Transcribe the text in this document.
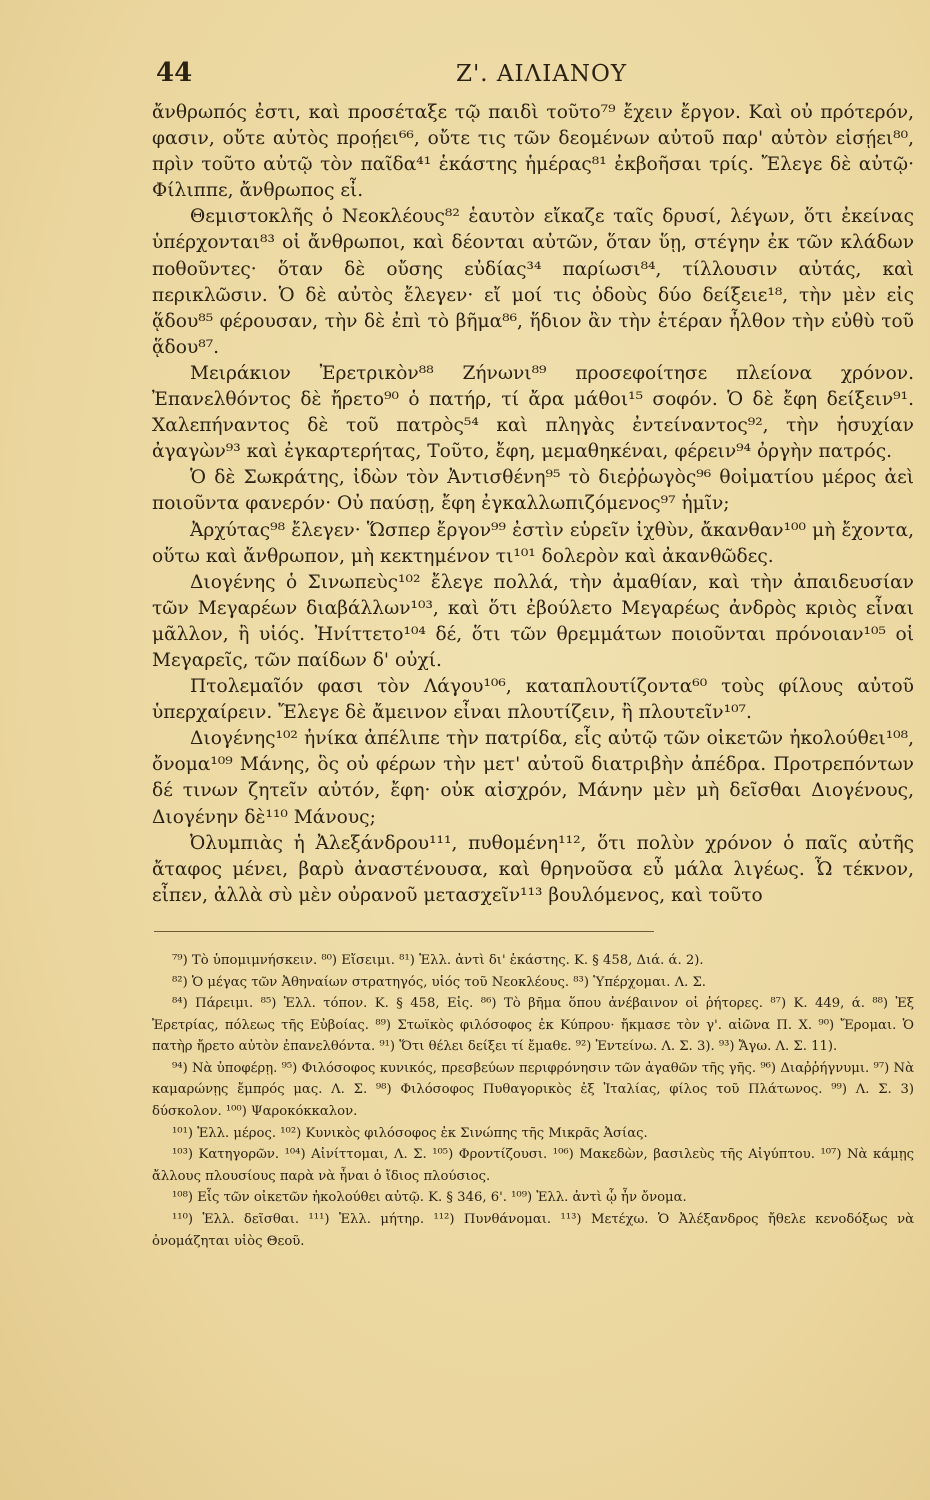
44	Ζ'. ΑΙΛΙΑΝΟΥ

ἄνθρωπός ἐστι, καὶ προσέταξε τῷ παιδὶ τοῦτο⁷⁹ ἔχειν ἔργον. Καὶ οὐ πρότερόν, φασιν, οὔτε αὐτὸς προῄει⁶⁶, οὔτε τις τῶν δεομένων αὐτοῦ παρ' αὐτὸν εἰσῄει⁸⁰, πρὶν τοῦτο αὐτῷ τὸν παῖδα⁴¹ ἑκάστης ἡμέρας⁸¹ ἐκβοῆσαι τρίς. Ἔλεγε δὲ αὐτῷ· Φίλιππε, ἄνθρωπος εἶ.

Θεμιστοκλῆς ὁ Νεοκλέους⁸² ἑαυτὸν εἴκαζε ταῖς δρυσί, λέγων, ὅτι ἐκείνας ὑπέρχονται⁸³ οἱ ἄνθρωποι, καὶ δέονται αὐτῶν, ὅταν ὕῃ, στέγην ἐκ τῶν κλάδων ποθοῦντες· ὅταν δὲ οὔσης εὐδίας³⁴ παρίωσι⁸⁴, τίλλουσιν αὐτάς, καὶ περικλῶσιν. Ὁ δὲ αὐτὸς ἔλεγεν· εἴ μοί τις ὁδοὺς δύο δείξειε¹⁸, τὴν μὲν εἰς ᾅδου⁸⁵ φέρουσαν, τὴν δὲ ἐπὶ τὸ βῆμα⁸⁶, ἥδιον ἂν τὴν ἑτέραν ἦλθον τὴν εὐθὺ τοῦ ᾅδου⁸⁷.

Μειράκιον Ἐρετρικὸν⁸⁸ Ζήνωνι⁸⁹ προσεφοίτησε πλείονα χρόνον. Ἐπανελθόντος δὲ ἤρετο⁹⁰ ὁ πατήρ, τί ἄρα μάθοι¹⁵ σοφόν. Ὁ δὲ ἔφη δείξειν⁹¹. Χαλεπήναντος δὲ τοῦ πατρὸς⁵⁴ καὶ πληγὰς ἐντείναντος⁹², τὴν ἡσυχίαν ἀγαγὼν⁹³ καὶ ἐγκαρτερήτας, Τοῦτο, ἔφη, μεμαθηκέναι, φέρειν⁹⁴ ὀργὴν πατρός.

Ὁ δὲ Σωκράτης, ἰδὼν τὸν Ἀντισθένη⁹⁵ τὸ διεῤῥωγὸς⁹⁶ θοἰματίου μέρος ἀεὶ ποιοῦντα φανερόν· Οὐ παύσῃ, ἔφη ἐγκαλλωπιζόμενος⁹⁷ ἡμῖν;

Ἀρχύτας⁹⁸ ἔλεγεν· Ὥσπερ ἔργον⁹⁹ ἐστὶν εὑρεῖν ἰχθὺν, ἄκανθαν¹⁰⁰ μὴ ἔχοντα, οὕτω καὶ ἄνθρωπον, μὴ κεκτημένον τι¹⁰¹ δολερὸν καὶ ἀκανθῶδες.

Διογένης ὁ Σινωπεὺς¹⁰² ἔλεγε πολλά, τὴν ἀμαθίαν, καὶ τὴν ἀπαιδευσίαν τῶν Μεγαρέων διαβάλλων¹⁰³, καὶ ὅτι ἐβούλετο Μεγαρέως ἀνδρὸς κριὸς εἶναι μᾶλλον, ἢ υἱός. Ἠνίττετο¹⁰⁴ δέ, ὅτι τῶν θρεμμάτων ποιοῦνται πρόνοιαν¹⁰⁵ οἱ Μεγαρεῖς, τῶν παίδων δ' οὐχί.

Πτολεμαῖόν φασι τὸν Λάγου¹⁰⁶, καταπλουτίζοντα⁶⁰ τοὺς φίλους αὐτοῦ ὑπερχαίρειν. Ἔλεγε δὲ ἄμεινον εἶναι πλουτίζειν, ἢ πλουτεῖν¹⁰⁷.

Διογένης¹⁰² ἡνίκα ἀπέλιπε τὴν πατρίδα, εἷς αὐτῷ τῶν οἰκετῶν ἠκολούθει¹⁰⁸, ὄνομα¹⁰⁹ Μάνης, ὃς οὐ φέρων τὴν μετ' αὐτοῦ διατριβὴν ἀπέδρα. Προτρεπόντων δέ τινων ζητεῖν αὐτόν, ἔφη· οὐκ αἰσχρόν, Μάνην μὲν μὴ δεῖσθαι Διογένους, Διογένην δὲ¹¹⁰ Μάνους;

Ὀλυμπιὰς ἡ Ἀλεξάνδρου¹¹¹, πυθομένη¹¹², ὅτι πολὺν χρόνον ὁ παῖς αὐτῆς ἄταφος μένει, βαρὺ ἀναστένουσα, καὶ θρηνοῦσα εὖ μάλα λιγέως. Ὦ τέκνον, εἶπεν, ἀλλὰ σὺ μὲν οὐρανοῦ μετασχεῖν¹¹³ βουλόμενος, καὶ τοῦτο

⁷⁹) Τὸ ὑπομιμνήσκειν. ⁸⁰) Εἴσειμι. ⁸¹) Ἑλλ. ἀντὶ δι' ἑκάστης. Κ. § 458, Διά. ά. 2).

⁸²) Ὁ μέγας τῶν Ἀθηναίων στρατηγός, υἱός τοῦ Νεοκλέους. ⁸³) Ὑπέρχομαι. Λ. Σ.

⁸⁴) Πάρειμι. ⁸⁵) Ἑλλ. τόπον. Κ. § 458, Εἰς. ⁸⁶) Τὸ βῆμα ὅπου ἀνέβαινον οἱ ῥήτορες. ⁸⁷) Κ. 449, ά. ⁸⁸) Ἐξ Ἐρετρίας, πόλεως τῆς Εὐβοίας. ⁸⁹) Στωϊκὸς φιλόσοφος ἐκ Κύπρου· ἤκμασε τὸν γ'. αἰῶνα Π. Χ. ⁹⁰) Ἔρομαι. Ὁ πατὴρ ἤρετο αὐτὸν ἐπανελθόντα. ⁹¹) Ὅτι θέλει δείξει τί ἔμαθε. ⁹²) Ἐντείνω. Λ. Σ. 3). ⁹³) Ἄγω. Λ. Σ. 11).

⁹⁴) Νὰ ὑποφέρῃ. ⁹⁵) Φιλόσοφος κυνικός, πρεσβεύων περιφρόνησιν τῶν ἀγαθῶν τῆς γῆς. ⁹⁶) Διαῤῥήγνυμι. ⁹⁷) Νὰ καμαρώνῃς ἔμπρός μας. Λ. Σ. ⁹⁸) Φιλόσοφος Πυθαγορικὸς ἐξ Ἰταλίας, φίλος τοῦ Πλάτωνος. ⁹⁹) Λ. Σ. 3) δύσκολον. ¹⁰⁰) Ψαροκόκκαλον.

¹⁰¹) Ἑλλ. μέρος. ¹⁰²) Κυνικὸς φιλόσοφος ἐκ Σινώπης τῆς Μικρᾶς Ἀσίας.

¹⁰³) Κατηγορῶν. ¹⁰⁴) Αἰνίττομαι, Λ. Σ. ¹⁰⁵) Φροντίζουσι. ¹⁰⁶) Μακεδὼν, βασιλεὺς τῆς Αἰγύπτου. ¹⁰⁷) Νὰ κάμῃς ἄλλους πλουσίους παρὰ νὰ ἦναι ὁ ἴδιος πλούσιος.

¹⁰⁸) Εἷς τῶν οἰκετῶν ἠκολούθει αὐτῷ. Κ. § 346, 6'. ¹⁰⁹) Ἑλλ. ἀντὶ ᾧ ἦν ὄνομα.

¹¹⁰) Ἑλλ. δεῖσθαι. ¹¹¹) Ἑλλ. μήτηρ. ¹¹²) Πυνθάνομαι. ¹¹³) Μετέχω. Ὁ Ἀλέξανδρος ἤθελε κενοδόξως νὰ ὀνομάζηται υἱὸς Θεοῦ.
